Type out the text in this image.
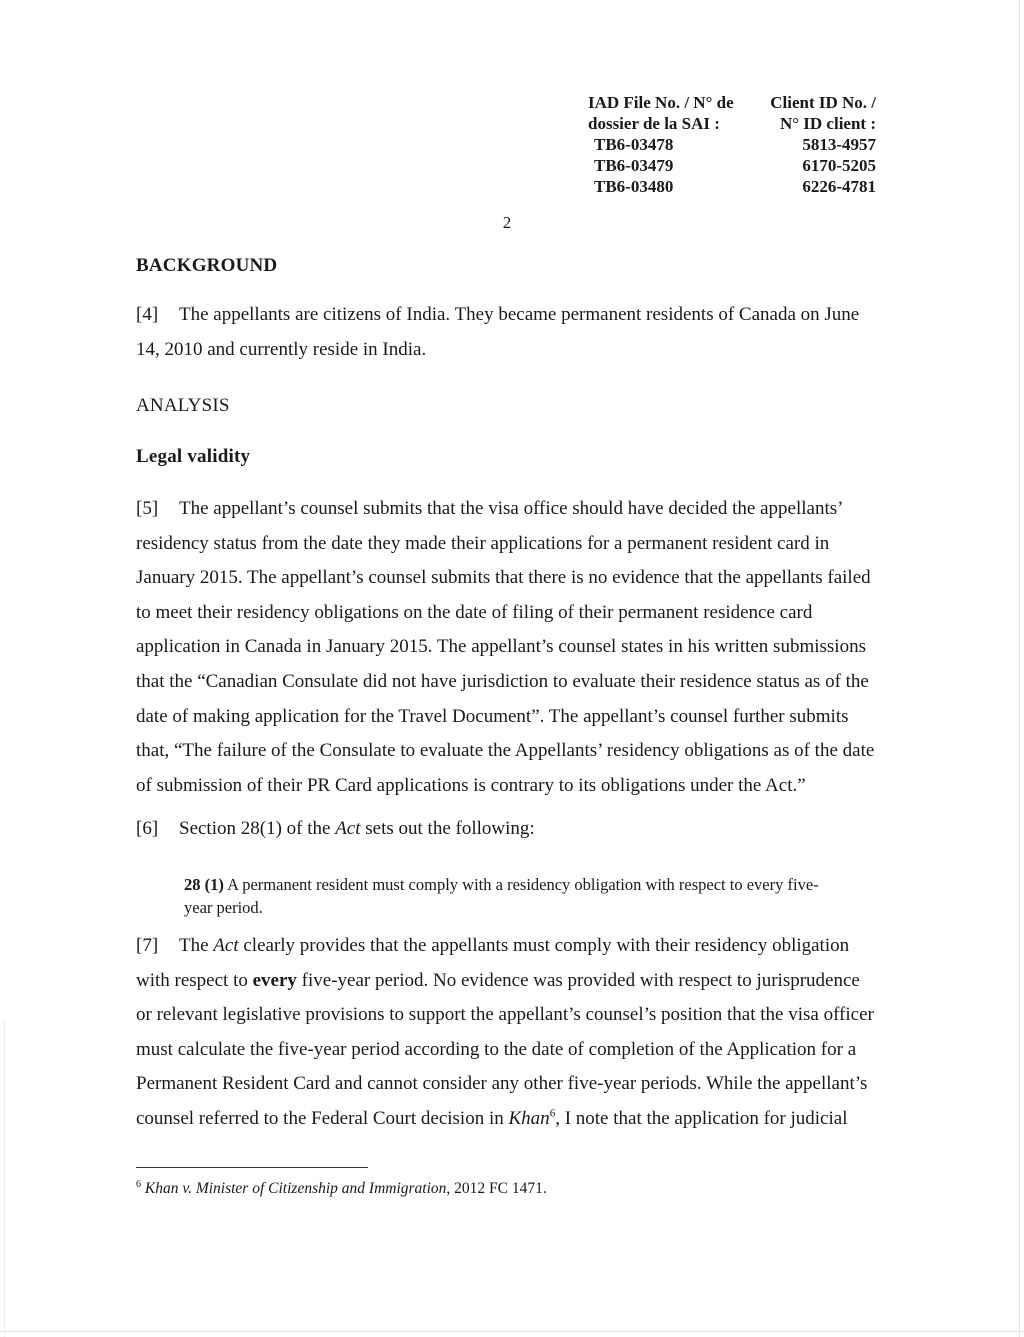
IAD File No. / N° de
dossier de la SAI :
TB6-03478
TB6-03479
TB6-03480
Client ID No. /
N° ID client :
5813-4957
6170-5205
6226-4781
2
BACKGROUND
[4] The appellants are citizens of India. They became permanent residents of Canada on June
14, 2010 and currently reside in India.
ANALYSIS
Legal validity
[5] The appellant’s counsel submits that the visa office should have decided the appellants’
residency status from the date they made their applications for a permanent resident card in
January 2015. The appellant’s counsel submits that there is no evidence that the appellants failed
to meet their residency obligations on the date of filing of their permanent residence card
application in Canada in January 2015. The appellant’s counsel states in his written submissions
that the “Canadian Consulate did not have jurisdiction to evaluate their residence status as of the
date of making application for the Travel Document”. The appellant’s counsel further submits
that, “The failure of the Consulate to evaluate the Appellants’ residency obligations as of the date
of submission of their PR Card applications is contrary to its obligations under the Act.”
[6] Section 28(1) of the Act sets out the following:
28 (1) A permanent resident must comply with a residency obligation with respect to every five-
year period.
[7] The Act clearly provides that the appellants must comply with their residency obligation
with respect to every five-year period. No evidence was provided with respect to jurisprudence
or relevant legislative provisions to support the appellant’s counsel’s position that the visa officer
must calculate the five-year period according to the date of completion of the Application for a
Permanent Resident Card and cannot consider any other five-year periods. While the appellant’s
counsel referred to the Federal Court decision in Khan$^6$, I note that the application for judicial
$^6$ Khan v. Minister of Citizenship and Immigration, 2012 FC 1471.
